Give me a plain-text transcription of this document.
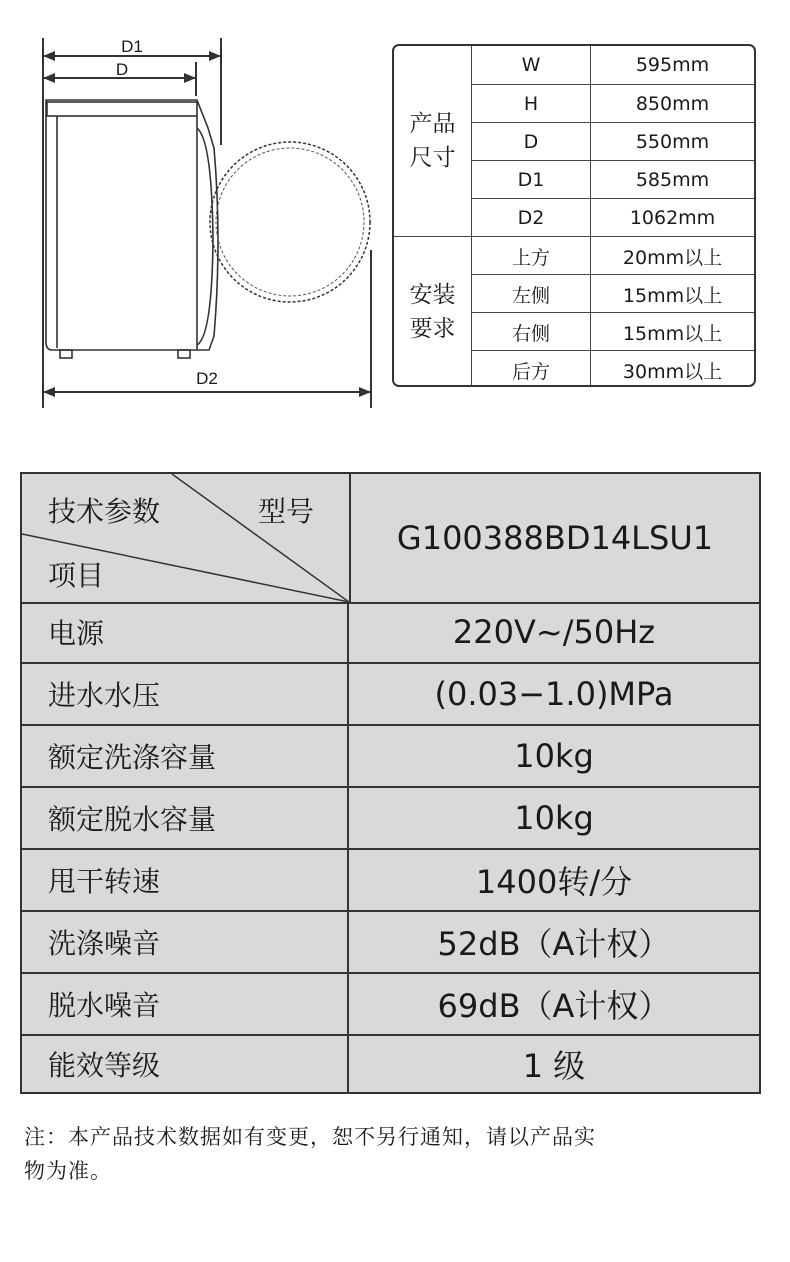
D1
D
D2
产品
尺寸
安装
要求
W	595mm
H	850mm
D	550mm
D1	585mm
D2	1062mm
上方	20mm以上
左侧	15mm以上
右侧	15mm以上
后方	30mm以上
技术参数	型号
项目
G100388BD14LSU1
电源	220V~/50Hz
进水水压	(0.03−1.0)MPa
额定洗涤容量	10kg
额定脱水容量	10kg
甩干转速	1400转/分
洗涤噪音	52dB（A计权）
脱水噪音	69dB（A计权）
能效等级	1 级
注：本产品技术数据如有变更，恕不另行通知，请以产品实
物为准。
